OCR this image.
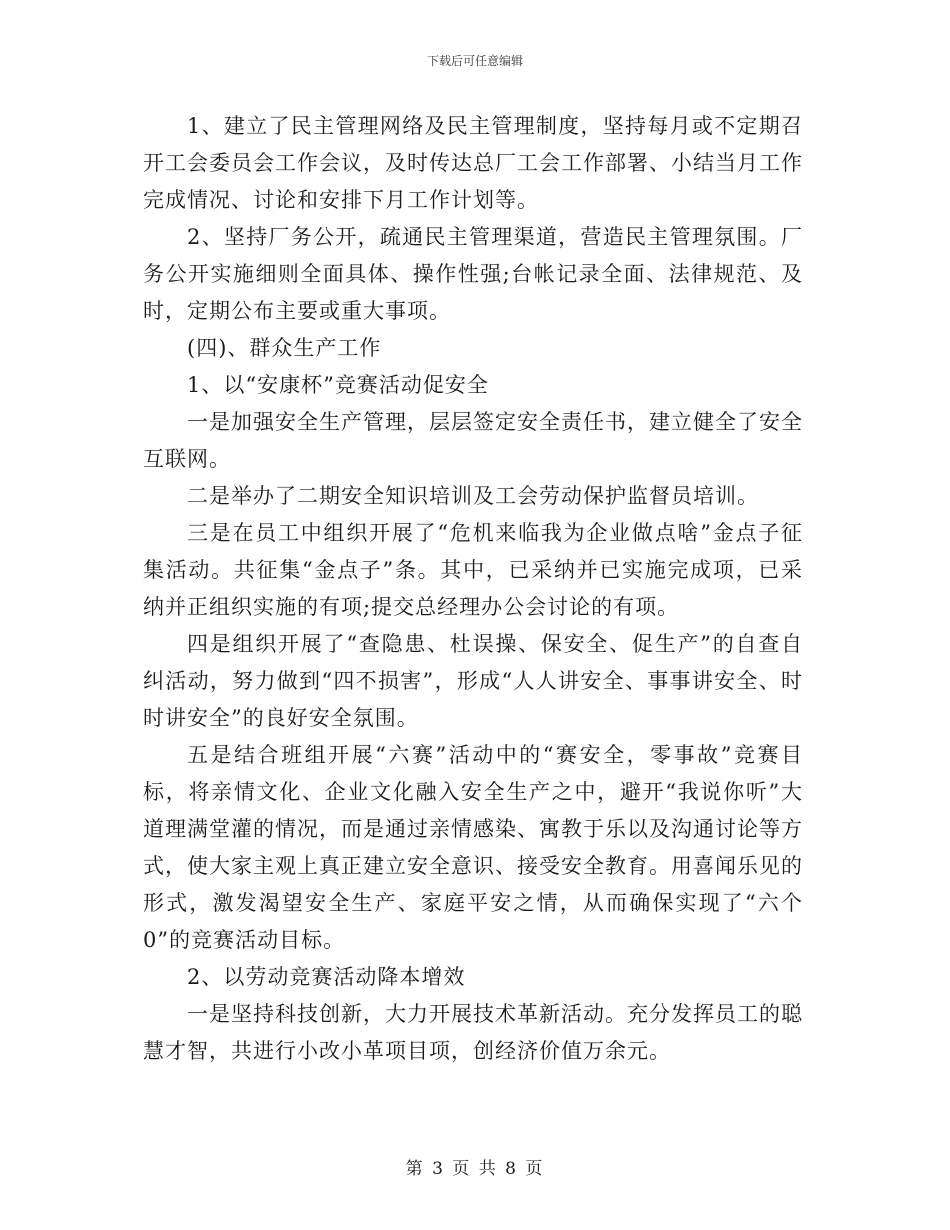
下载后可任意编辑

1、建立了民主管理网络及民主管理制度，坚持每月或不定期召开工会委员会工作会议，及时传达总厂工会工作部署、小结当月工作完成情况、讨论和安排下月工作计划等。

2、坚持厂务公开，疏通民主管理渠道，营造民主管理氛围。厂务公开实施细则全面具体、操作性强;台帐记录全面、法律规范、及时，定期公布主要或重大事项。

(四)、群众生产工作

1、以“安康杯”竞赛活动促安全

一是加强安全生产管理，层层签定安全责任书，建立健全了安全互联网。

二是举办了二期安全知识培训及工会劳动保护监督员培训。

三是在员工中组织开展了“危机来临我为企业做点啥”金点子征集活动。共征集“金点子”条。其中，已采纳并已实施完成项，已采纳并正组织实施的有项;提交总经理办公会讨论的有项。

四是组织开展了“查隐患、杜误操、保安全、促生产”的自查自纠活动，努力做到“四不损害”，形成“人人讲安全、事事讲安全、时时讲安全”的良好安全氛围。

五是结合班组开展“六赛”活动中的“赛安全，零事故”竞赛目标，将亲情文化、企业文化融入安全生产之中，避开“我说你听”大道理满堂灌的情况，而是通过亲情感染、寓教于乐以及沟通讨论等方式，使大家主观上真正建立安全意识、接受安全教育。用喜闻乐见的形式，激发渴望安全生产、家庭平安之情，从而确保实现了“六个0”的竞赛活动目标。

2、以劳动竞赛活动降本增效

一是坚持科技创新，大力开展技术革新活动。充分发挥员工的聪慧才智，共进行小改小革项目项，创经济价值万余元。

第 3 页 共 8 页
